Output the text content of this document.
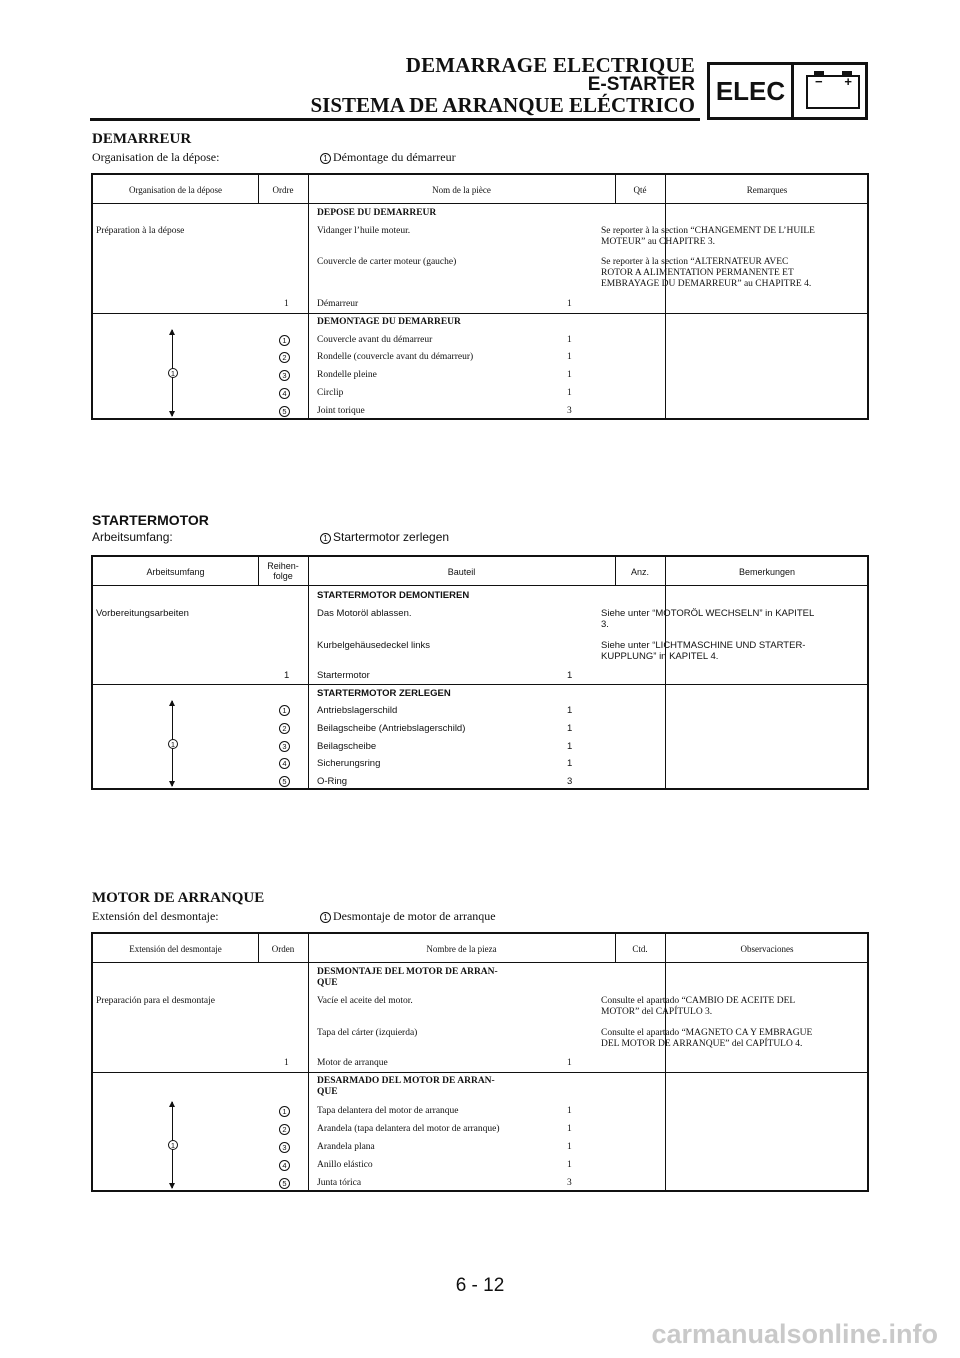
DEMARRAGE ELECTRIQUE
E-STARTER
SISTEMA DE ARRANQUE ELÉCTRICO ELEC	− +
DEMARREUR
Organisation de la dépose:	1 Démontage du démarreur
Organisation de la dépose	Ordre	Nom de la pièce	Qté	Remarques
DEPOSE DU DEMARREUR
Préparation à la dépose	Vidanger l’huile moteur.	Se reporter à la section “CHANGEMENT DE L’HUILE
MOTEUR” au CHAPITRE 3.
Couvercle de carter moteur (gauche)	Se reporter à la section “ALTERNATEUR AVEC
ROTOR A ALIMENTATION PERMANENTE ET
EMBRAYAGE DU DEMARREUR” au CHAPITRE 4.
1	Démarreur	1
DEMONTAGE DU DEMARREUR
1
1	Couvercle avant du démarreur	1
2	Rondelle (couvercle avant du démarreur)	1
3	Rondelle pleine	1
4	Circlip	1
5	Joint torique	3
STARTERMOTOR
Arbeitsumfang:	1 Startermotor zerlegen
Arbeitsumfang
Reihen-
folge	Bauteil	Anz.	Bemerkungen
STARTERMOTOR DEMONTIEREN
Vorbereitungsarbeiten	Das Motoröl ablassen.	Siehe unter “MOTORÖL WECHSELN” in KAPITEL
3.
Kurbelgehäusedeckel links	Siehe unter “LICHTMASCHINE UND STARTER-
KUPPLUNG” in KAPITEL 4.
1	Startermotor	1
STARTERMOTOR ZERLEGEN
1
1	Antriebslagerschild	1
2	Beilagscheibe (Antriebslagerschild)	1
3	Beilagscheibe	1
4	Sicherungsring	1
5	O-Ring	3
MOTOR DE ARRANQUE
Extensión del desmontaje:	1 Desmontaje de motor de arranque
Extensión del desmontaje	Orden	Nombre de la pieza	Ctd.	Observaciones
DESMONTAJE DEL MOTOR DE ARRAN-
QUE
Preparación para el desmontaje	Vacíe el aceite del motor.	Consulte el apartado “CAMBIO DE ACEITE DEL
MOTOR” del CAPÍTULO 3.
Tapa del cárter (izquierda)	Consulte el apartado “MAGNETO CA Y EMBRAGUE
DEL MOTOR DE ARRANQUE” del CAPÍTULO 4.
1	Motor de arranque	1
DESARMADO DEL MOTOR DE ARRAN-
QUE
1
1	Tapa delantera del motor de arranque	1
2	Arandela (tapa delantera del motor de arranque)	1
3	Arandela plana	1
4	Anillo elástico	1
5	Junta tórica	3
6 - 12
carmanualsonline.info
